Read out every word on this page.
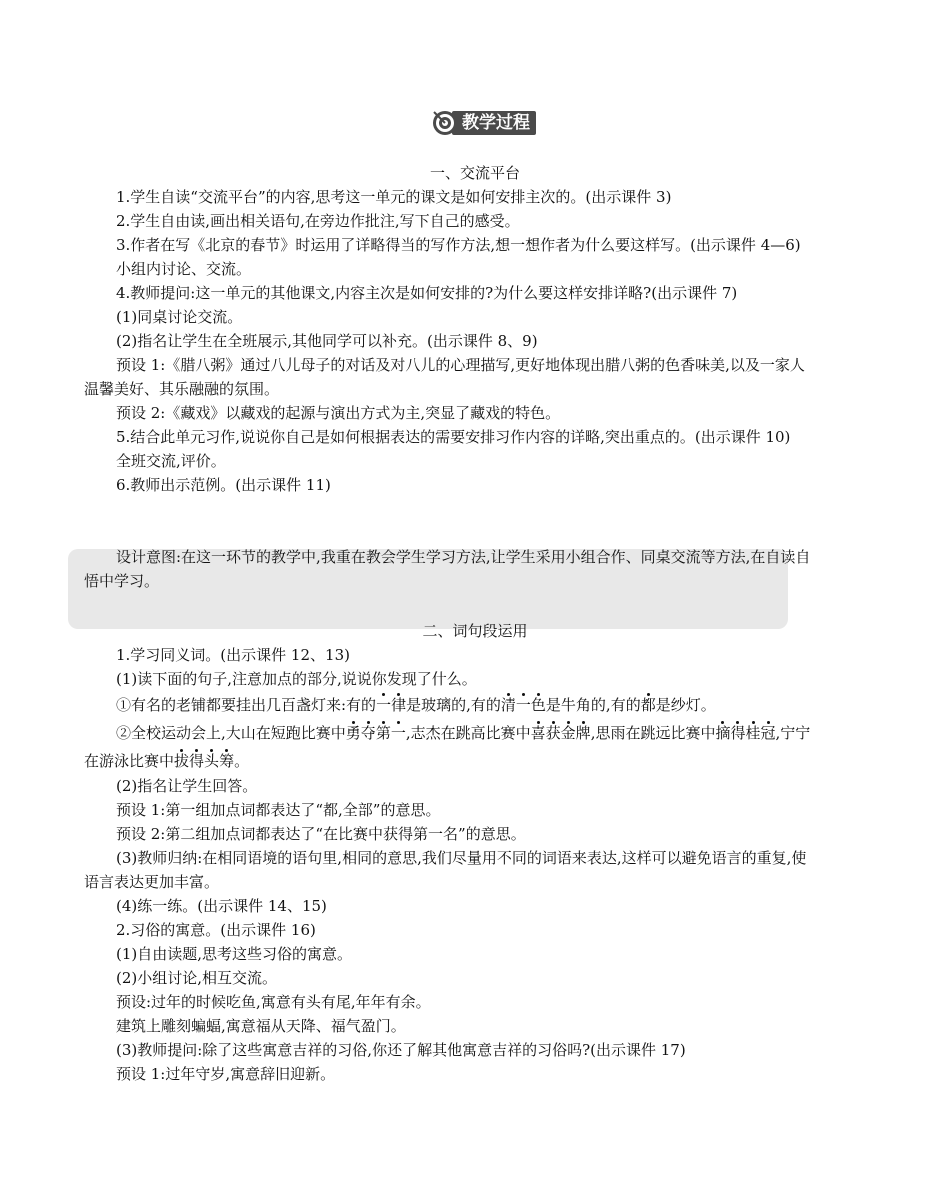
教学过程
一、交流平台
1.学生自读“交流平台”的内容,思考这一单元的课文是如何安排主次的。(出示课件 3)
2.学生自由读,画出相关语句,在旁边作批注,写下自己的感受。
3.作者在写《北京的春节》时运用了详略得当的写作方法,想一想作者为什么要这样写。(出示课件 4—6)
小组内讨论、交流。
4.教师提问:这一单元的其他课文,内容主次是如何安排的?为什么要这样安排详略?(出示课件 7)
(1)同桌讨论交流。
(2)指名让学生在全班展示,其他同学可以补充。(出示课件 8、9)
预设 1:《腊八粥》通过八儿母子的对话及对八儿的心理描写,更好地体现出腊八粥的色香味美,以及一家人
温馨美好、其乐融融的氛围。
预设 2:《藏戏》以藏戏的起源与演出方式为主,突显了藏戏的特色。
5.结合此单元习作,说说你自己是如何根据表达的需要安排习作内容的详略,突出重点的。(出示课件 10)
全班交流,评价。
6.教师出示范例。(出示课件 11)
设计意图:在这一环节的教学中,我重在教会学生学习方法,让学生采用小组合作、同桌交流等方法,在自读自
悟中学习。
二、词句段运用
1.学习同义词。(出示课件 12、13)
(1)读下面的句子,注意加点的部分,说说你发现了什么。
①有名的老铺都要挂出几百盏灯来:有的一律是玻璃的,有的清一色是牛角的,有的都是纱灯。
②全校运动会上,大山在短跑比赛中勇夺第一,志杰在跳高比赛中喜获金牌,思雨在跳远比赛中摘得桂冠,宁宁
在游泳比赛中拔得头筹。
(2)指名让学生回答。
预设 1:第一组加点词都表达了“都,全部”的意思。
预设 2:第二组加点词都表达了“在比赛中获得第一名”的意思。
(3)教师归纳:在相同语境的语句里,相同的意思,我们尽量用不同的词语来表达,这样可以避免语言的重复,使
语言表达更加丰富。
(4)练一练。(出示课件 14、15)
2.习俗的寓意。(出示课件 16)
(1)自由读题,思考这些习俗的寓意。
(2)小组讨论,相互交流。
预设:过年的时候吃鱼,寓意有头有尾,年年有余。
建筑上雕刻蝙蝠,寓意福从天降、福气盈门。
(3)教师提问:除了这些寓意吉祥的习俗,你还了解其他寓意吉祥的习俗吗?(出示课件 17)
预设 1:过年守岁,寓意辞旧迎新。
